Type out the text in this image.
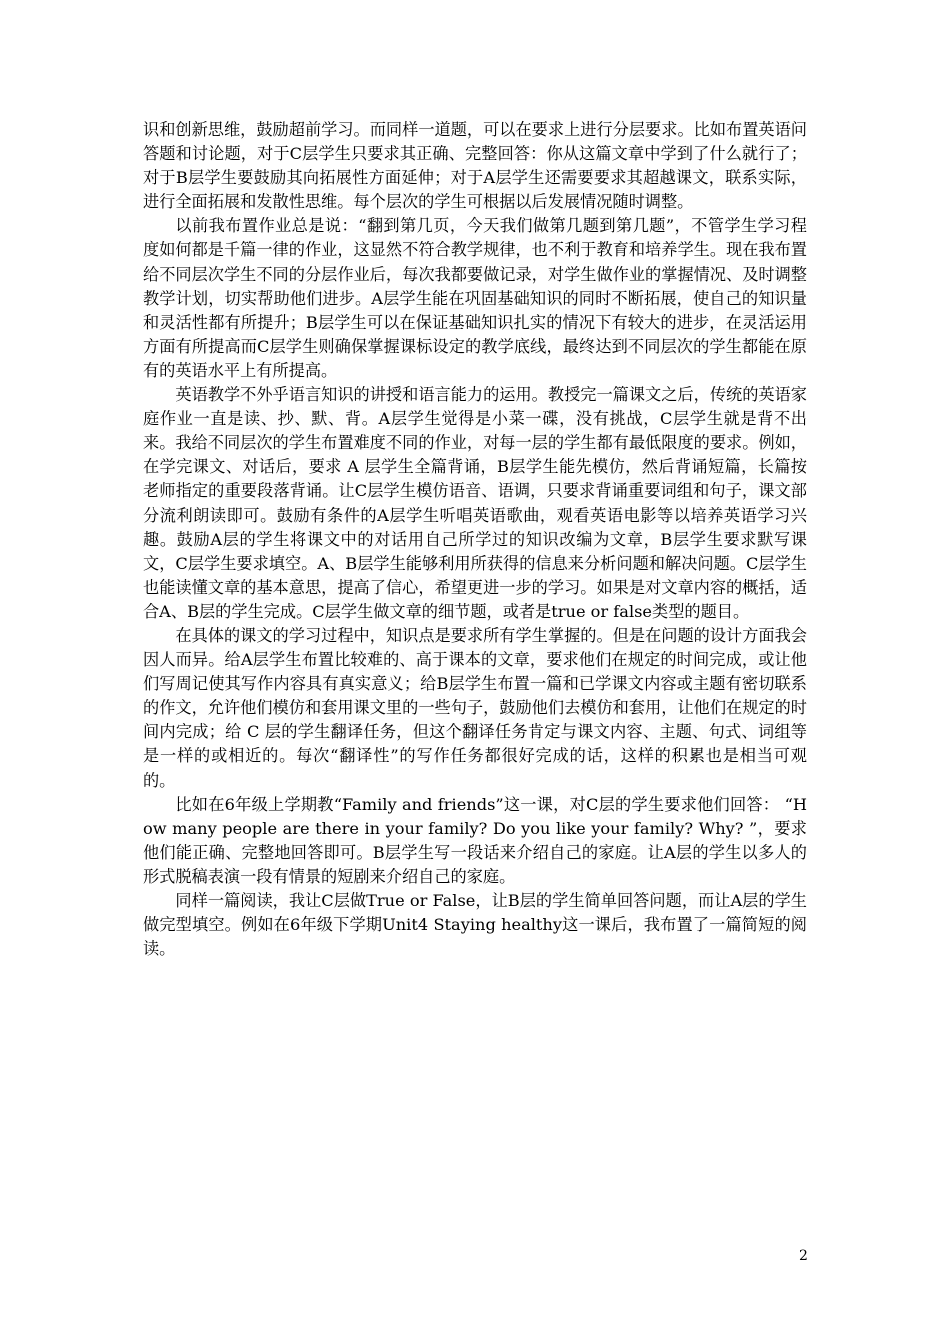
识和创新思维，鼓励超前学习。而同样一道题，可以在要求上进行分层要求。比如布置英语问答题和讨论题，对于C层学生只要求其正确、完整回答：你从这篇文章中学到了什么就行了；对于B层学生要鼓励其向拓展性方面延伸；对于A层学生还需要要求其超越课文，联系实际，进行全面拓展和发散性思维。每个层次的学生可根据以后发展情况随时调整。

以前我布置作业总是说：“翻到第几页，今天我们做第几题到第几题”，不管学生学习程度如何都是千篇一律的作业，这显然不符合教学规律，也不利于教育和培养学生。现在我布置给不同层次学生不同的分层作业后，每次我都要做记录，对学生做作业的掌握情况、及时调整教学计划，切实帮助他们进步。A层学生能在巩固基础知识的同时不断拓展，使自己的知识量和灵活性都有所提升；B层学生可以在保证基础知识扎实的情况下有较大的进步，在灵活运用方面有所提高而C层学生则确保掌握课标设定的教学底线，最终达到不同层次的学生都能在原有的英语水平上有所提高。

英语教学不外乎语言知识的讲授和语言能力的运用。教授完一篇课文之后，传统的英语家庭作业一直是读、抄、默、背。A层学生觉得是小菜一碟，没有挑战，C层学生就是背不出来。我给不同层次的学生布置难度不同的作业，对每一层的学生都有最低限度的要求。例如，在学完课文、对话后，要求 A 层学生全篇背诵，B层学生能先模仿，然后背诵短篇，长篇按老师指定的重要段落背诵。让C层学生模仿语音、语调，只要求背诵重要词组和句子，课文部分流利朗读即可。鼓励有条件的A层学生听唱英语歌曲，观看英语电影等以培养英语学习兴趣。鼓励A层的学生将课文中的对话用自己所学过的知识改编为文章，B层学生要求默写课文，C层学生要求填空。A、B层学生能够利用所获得的信息来分析问题和解决问题。C层学生也能读懂文章的基本意思，提高了信心，希望更进一步的学习。如果是对文章内容的概括，适合A、B层的学生完成。C层学生做文章的细节题，或者是true or false类型的题目。

在具体的课文的学习过程中，知识点是要求所有学生掌握的。但是在问题的设计方面我会因人而异。给A层学生布置比较难的、高于课本的文章，要求他们在规定的时间完成，或让他们写周记使其写作内容具有真实意义；给B层学生布置一篇和已学课文内容或主题有密切联系的作文，允许他们模仿和套用课文里的一些句子，鼓励他们去模仿和套用，让他们在规定的时间内完成；给 C 层的学生翻译任务，但这个翻译任务肯定与课文内容、主题、句式、词组等是一样的或相近的。每次“翻译性”的写作任务都很好完成的话，这样的积累也是相当可观的。

比如在6年级上学期教“Family and friends”这一课，对C层的学生要求他们回答： “How many people are there in your family? Do you like your family? Why? ”，要求他们能正确、完整地回答即可。B层学生写一段话来介绍自己的家庭。让A层的学生以多人的形式脱稿表演一段有情景的短剧来介绍自己的家庭。

同样一篇阅读，我让C层做True or False，让B层的学生简单回答问题，而让A层的学生做完型填空。例如在6年级下学期Unit4 Staying healthy这一课后，我布置了一篇简短的阅读。

2
